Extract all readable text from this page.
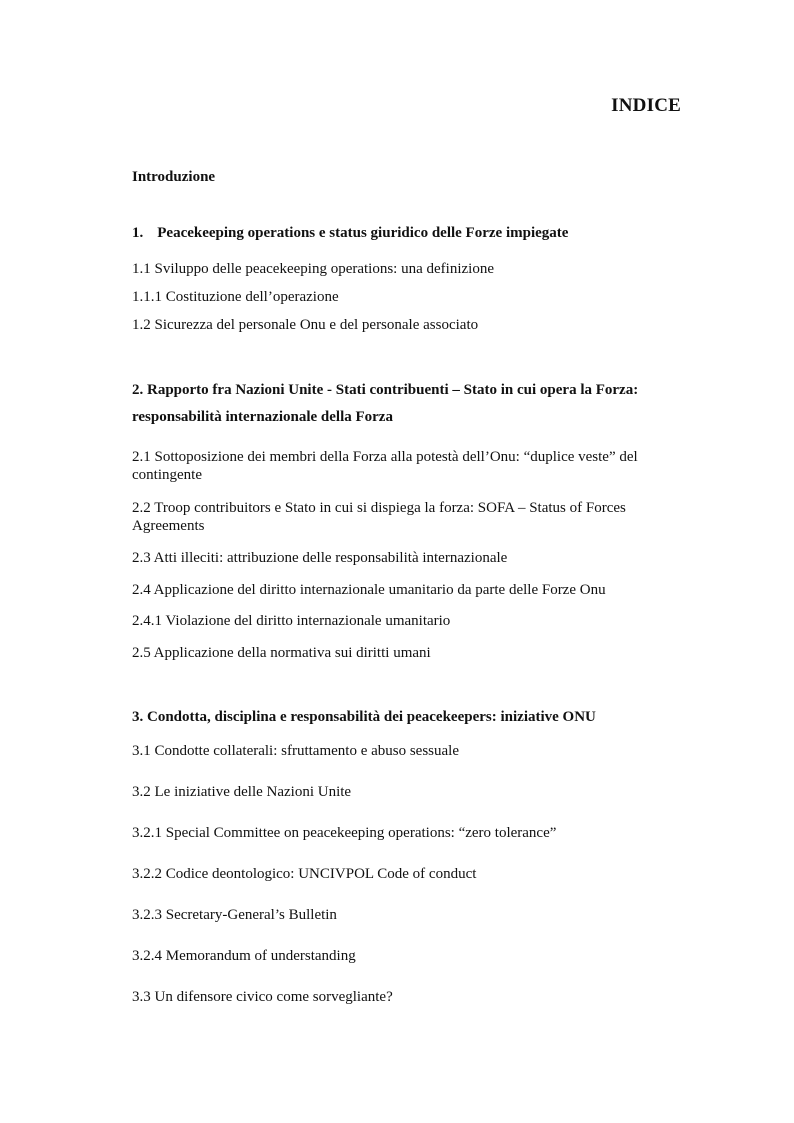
INDICE
Introduzione
1. Peacekeeping operations e status giuridico delle Forze impiegate
1.1 Sviluppo delle peacekeeping operations: una definizione
1.1.1 Costituzione dell’operazione
1.2 Sicurezza del personale Onu e del personale associato
2. Rapporto fra Nazioni Unite - Stati contribuenti – Stato in cui opera la Forza:
responsabilità internazionale della Forza
2.1 Sottoposizione dei membri della Forza alla potestà dell’Onu: “duplice veste” del contingente
2.2 Troop contribuitors e Stato in cui si dispiega la forza: SOFA – Status of Forces Agreements
2.3 Atti illeciti: attribuzione delle responsabilità internazionale
2.4 Applicazione del diritto internazionale umanitario da parte delle Forze Onu
2.4.1 Violazione del diritto internazionale umanitario
2.5 Applicazione della normativa sui diritti umani
3. Condotta, disciplina e responsabilità dei peacekeepers: iniziative ONU
3.1 Condotte collaterali: sfruttamento e abuso sessuale
3.2 Le iniziative delle Nazioni Unite
3.2.1 Special Committee on peacekeeping operations: “zero tolerance”
3.2.2 Codice deontologico: UNCIVPOL Code of conduct
3.2.3 Secretary-General’s Bulletin
3.2.4 Memorandum of understanding
3.3 Un difensore civico come sorvegliante?
